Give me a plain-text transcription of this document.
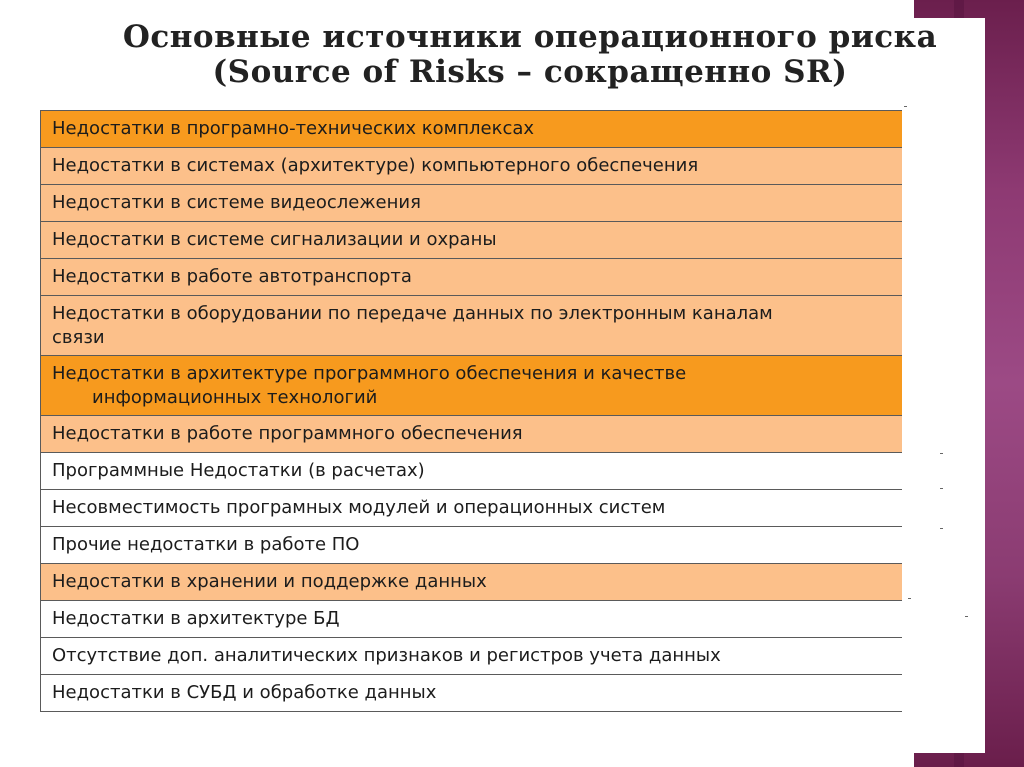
Основные источники операционного риска
(Source of Risks – сокращенно SR)
Недостатки в програмно-технических комплексах
Недостатки в системах (архитектуре) компьютерного обеспечения
Недостатки в системе видеослежения
Недостатки в системе сигнализации и охраны
Недостатки в работе автотранспорта
Недостатки в оборудовании по передаче данных по электронным каналам
связи
Недостатки в архитектуре программного обеспечения и качестве

информационных технологий

Недостатки в работе программного обеспечения
Программные Недостатки (в расчетах)
Несовместимость програмных модулей и операционных систем
Прочие недостатки в работе ПО
Недостатки в хранении и поддержке данных
Недостатки в архитектуре БД
Отсутствие доп. аналитических признаков и регистров учета данных
Недостатки в СУБД и обработке данных
